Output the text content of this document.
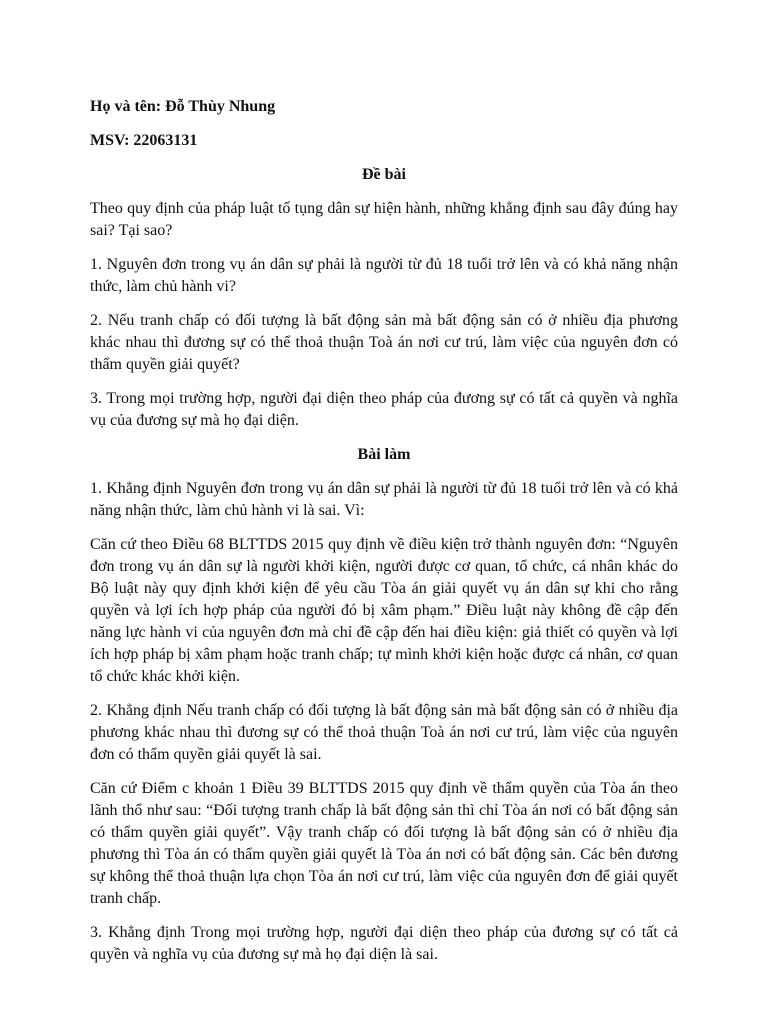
Họ và tên: Đỗ Thùy Nhung

MSV: 22063131

Đề bài

Theo quy định của pháp luật tố tụng dân sự hiện hành, những khẳng định sau đây đúng hay sai? Tại sao?

1. Nguyên đơn trong vụ án dân sự phải là người từ đủ 18 tuổi trở lên và có khả năng nhận thức, làm chủ hành vi?

2. Nếu tranh chấp có đối tượng là bất động sản mà bất động sản có ở nhiều địa phương khác nhau thì đương sự có thể thoả thuận Toà án nơi cư trú, làm việc của nguyên đơn có thẩm quyền giải quyết?

3. Trong mọi trường hợp, người đại diện theo pháp của đương sự có tất cả quyền và nghĩa vụ của đương sự mà họ đại diện.

Bài làm

1. Khẳng định Nguyên đơn trong vụ án dân sự phải là người từ đủ 18 tuổi trở lên và có khả năng nhận thức, làm chủ hành vi là sai. Vì:

Căn cứ theo Điều 68 BLTTDS 2015 quy định về điều kiện trở thành nguyên đơn: “Nguyên đơn trong vụ án dân sự là người khởi kiện, người được cơ quan, tổ chức, cá nhân khác do Bộ luật này quy định khởi kiện để yêu cầu Tòa án giải quyết vụ án dân sự khi cho rằng quyền và lợi ích hợp pháp của người đó bị xâm phạm.” Điều luật này không đề cập đến năng lực hành vi của nguyên đơn mà chỉ đề cập đến hai điều kiện: giả thiết có quyền và lợi ích hợp pháp bị xâm phạm hoặc tranh chấp; tự mình khởi kiện hoặc được cá nhân, cơ quan tổ chức khác khởi kiện.

2. Khẳng định Nếu tranh chấp có đối tượng là bất động sản mà bất động sản có ở nhiều địa phương khác nhau thì đương sự có thể thoả thuận Toà án nơi cư trú, làm việc của nguyên đơn có thẩm quyền giải quyết là sai.

Căn cứ Điểm c khoản 1 Điều 39 BLTTDS 2015 quy định về thẩm quyền của Tòa án theo lãnh thổ như sau: “Đối tượng tranh chấp là bất động sản thì chỉ Tòa án nơi có bất động sản có thẩm quyền giải quyết”. Vậy tranh chấp có đối tượng là bất động sản có ở nhiều địa phương thì Tòa án có thẩm quyền giải quyết là Tòa án nơi có bất động sản. Các bên đương sự không thể thoả thuận lựa chọn Tòa án nơi cư trú, làm việc của nguyên đơn để giải quyết tranh chấp.

3. Khẳng định Trong mọi trường hợp, người đại diện theo pháp của đương sự có tất cả quyền và nghĩa vụ của đương sự mà họ đại diện là sai.
